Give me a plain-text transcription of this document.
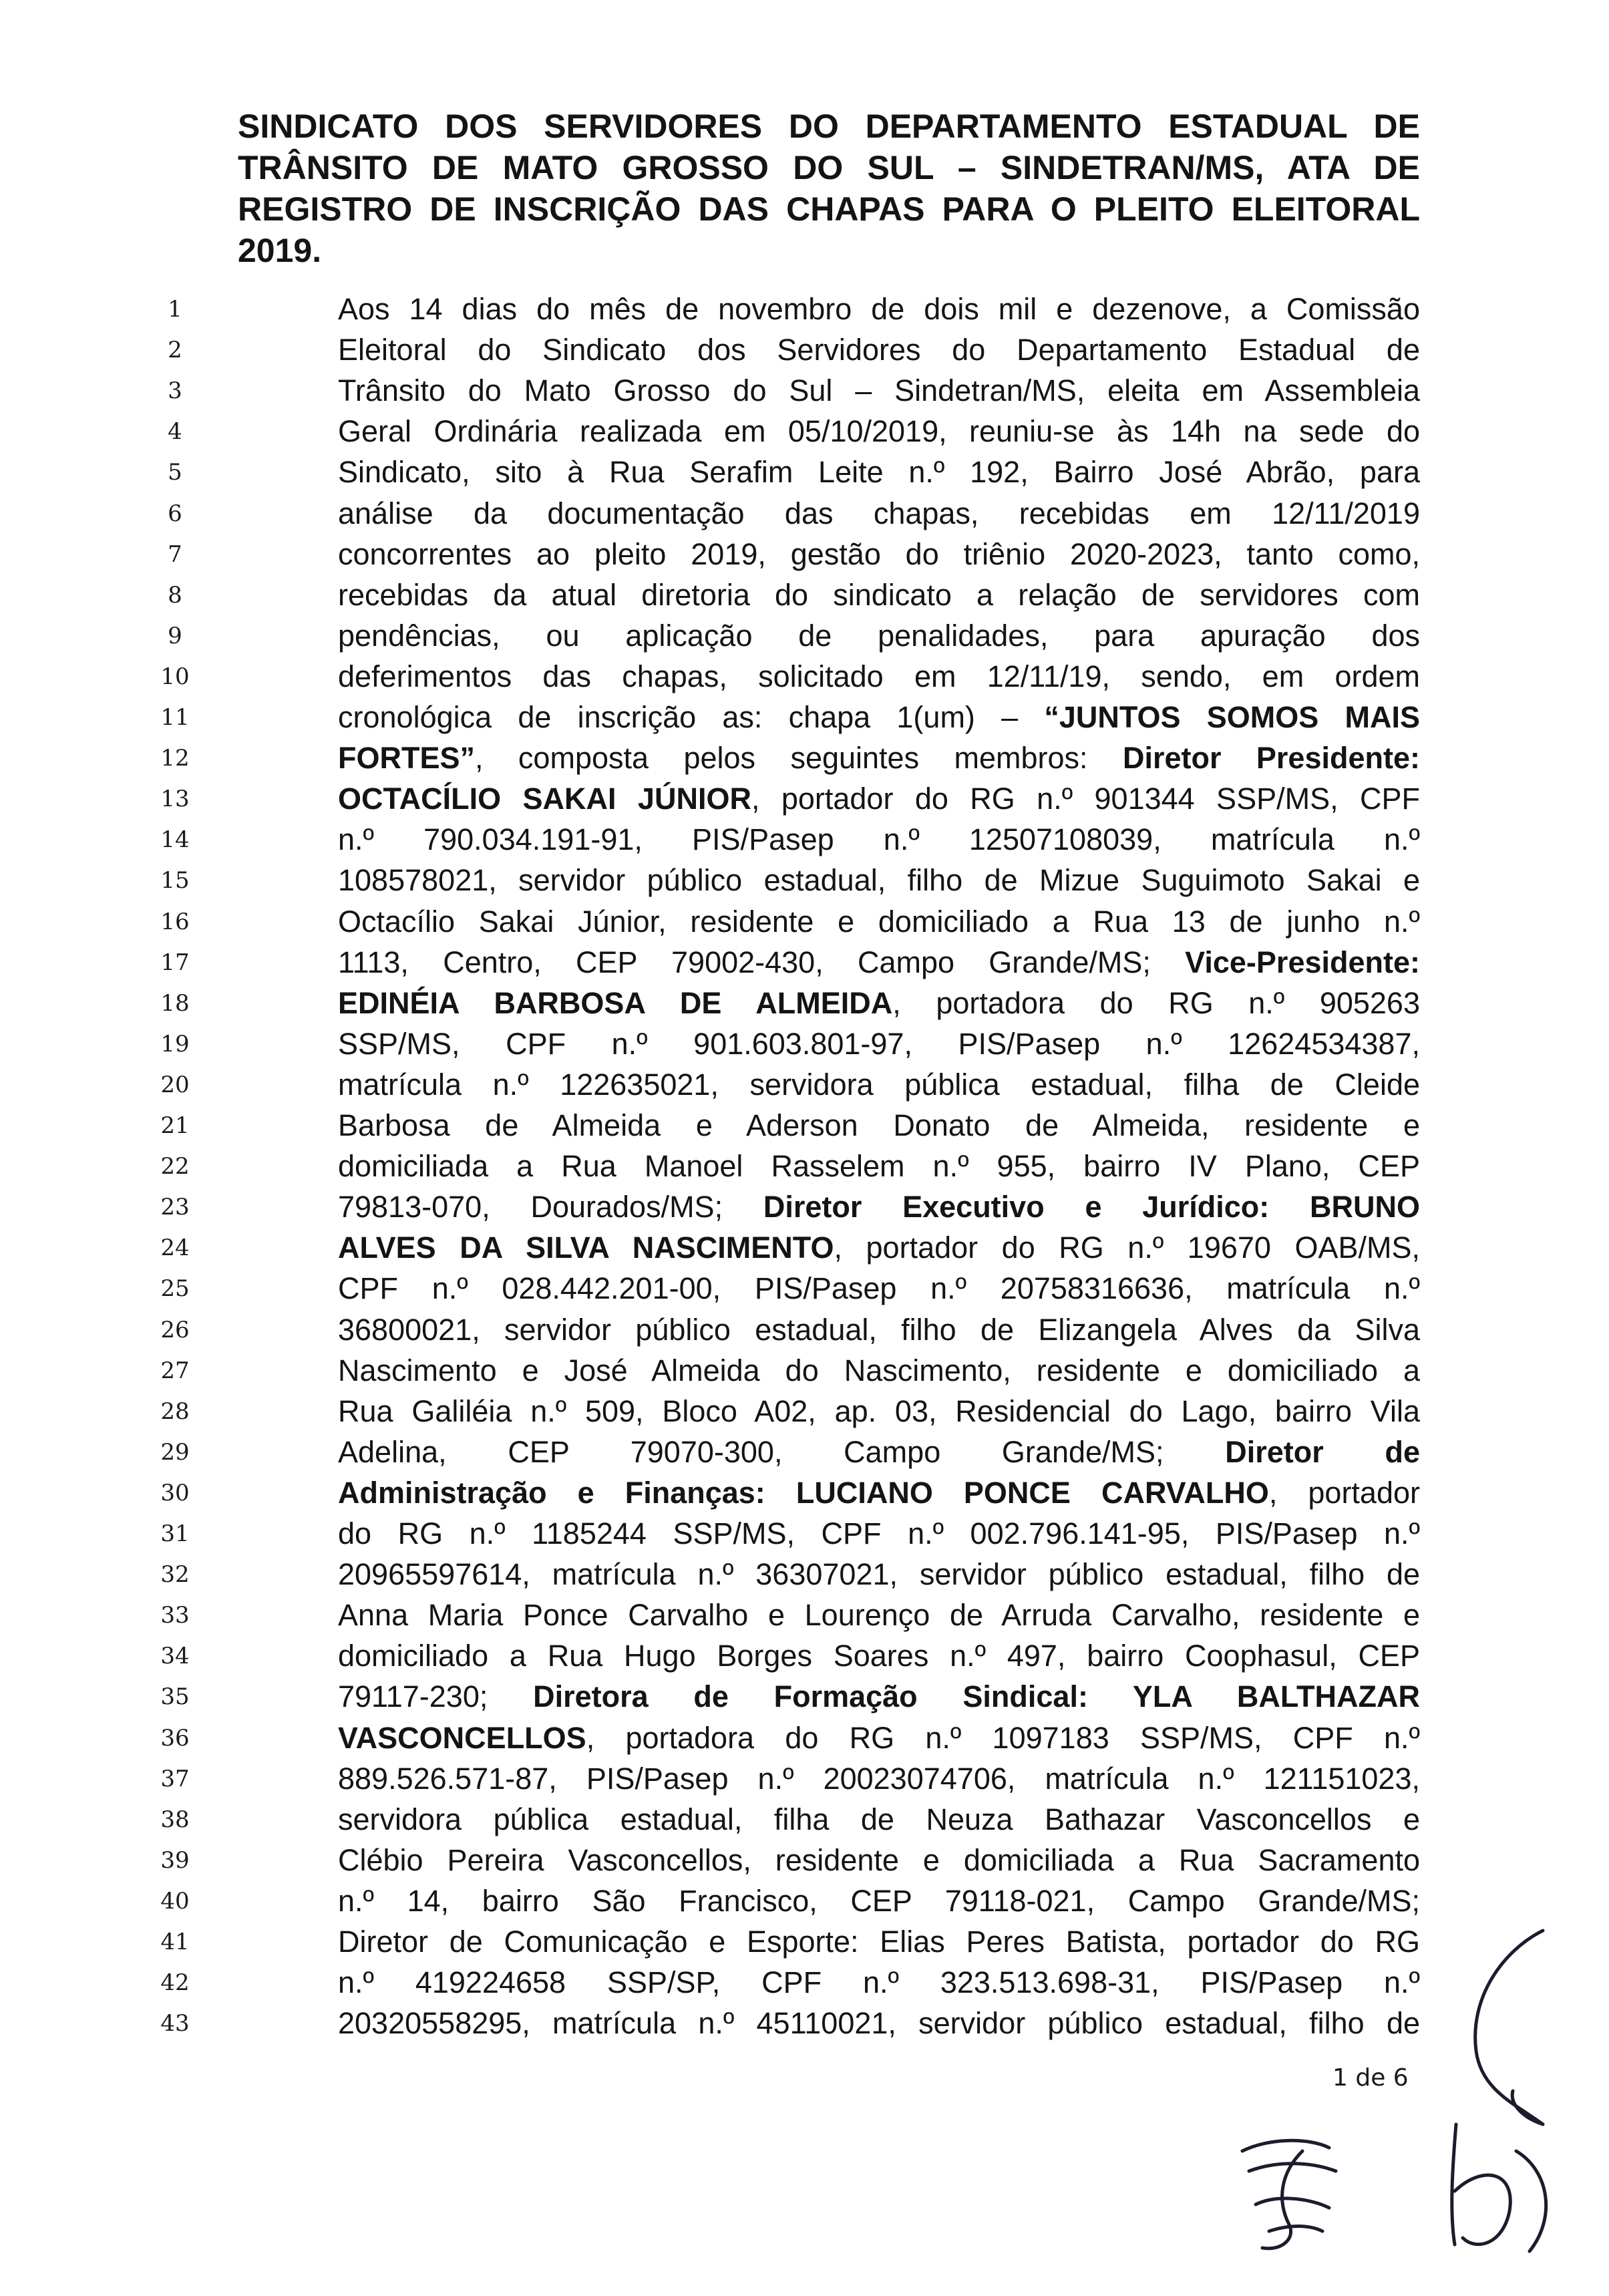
SINDICATO DOS SERVIDORES DO DEPARTAMENTO ESTADUAL DE
TRÂNSITO DE MATO GROSSO DO SUL – SINDETRAN/MS, ATA DE
REGISTRO DE INSCRIÇÃO DAS CHAPAS PARA O PLEITO ELEITORAL
2019.
1	Aos 14 dias do mês de novembro de dois mil e dezenove, a Comissão
2	Eleitoral do Sindicato dos Servidores do Departamento Estadual de
3	Trânsito do Mato Grosso do Sul – Sindetran/MS, eleita em Assembleia
4	Geral Ordinária realizada em 05/10/2019, reuniu-se às 14h na sede do
5	Sindicato, sito à Rua Serafim Leite n.º 192, Bairro José Abrão, para
6	análise da documentação das chapas, recebidas em 12/11/2019
7	concorrentes ao pleito 2019, gestão do triênio 2020-2023, tanto como,
8	recebidas da atual diretoria do sindicato a relação de servidores com
9	pendências, ou aplicação de penalidades, para apuração dos
10	deferimentos das chapas, solicitado em 12/11/19, sendo, em ordem
11	cronológica de inscrição as: chapa 1(um) – “JUNTOS SOMOS MAIS
12	FORTES”, composta pelos seguintes membros: Diretor Presidente:
13	OCTACÍLIO SAKAI JÚNIOR, portador do RG n.º 901344 SSP/MS, CPF
14	n.º 790.034.191-91, PIS/Pasep n.º 12507108039, matrícula n.º
15	108578021, servidor público estadual, filho de Mizue Suguimoto Sakai e
16	Octacílio Sakai Júnior, residente e domiciliado a Rua 13 de junho n.º
17	1113, Centro, CEP 79002-430, Campo Grande/MS; Vice-Presidente:
18	EDINÉIA BARBOSA DE ALMEIDA, portadora do RG n.º 905263
19	SSP/MS, CPF n.º 901.603.801-97, PIS/Pasep n.º 12624534387,
20	matrícula n.º 122635021, servidora pública estadual, filha de Cleide
21	Barbosa de Almeida e Aderson Donato de Almeida, residente e
22	domiciliada a Rua Manoel Rasselem n.º 955, bairro IV Plano, CEP
23	79813-070, Dourados/MS; Diretor Executivo e Jurídico: BRUNO
24	ALVES DA SILVA NASCIMENTO, portador do RG n.º 19670 OAB/MS,
25	CPF n.º 028.442.201-00, PIS/Pasep n.º 20758316636, matrícula n.º
26	36800021, servidor público estadual, filho de Elizangela Alves da Silva
27	Nascimento e José Almeida do Nascimento, residente e domiciliado a
28	Rua Galiléia n.º 509, Bloco A02, ap. 03, Residencial do Lago, bairro Vila
29	Adelina, CEP 79070-300, Campo Grande/MS; Diretor de
30	Administração e Finanças: LUCIANO PONCE CARVALHO, portador
31	do RG n.º 1185244 SSP/MS, CPF n.º 002.796.141-95, PIS/Pasep n.º
32	20965597614, matrícula n.º 36307021, servidor público estadual, filho de
33	Anna Maria Ponce Carvalho e Lourenço de Arruda Carvalho, residente e
34	domiciliado a Rua Hugo Borges Soares n.º 497, bairro Coophasul, CEP
35	79117-230; Diretora de Formação Sindical: YLA BALTHAZAR
36	VASCONCELLOS, portadora do RG n.º 1097183 SSP/MS, CPF n.º
37	889.526.571-87, PIS/Pasep n.º 20023074706, matrícula n.º 121151023,
38	servidora pública estadual, filha de Neuza Bathazar Vasconcellos e
39	Clébio Pereira Vasconcellos, residente e domiciliada a Rua Sacramento
40	n.º 14, bairro São Francisco, CEP 79118-021, Campo Grande/MS;
41	Diretor de Comunicação e Esporte: Elias Peres Batista, portador do RG
42	n.º 419224658 SSP/SP, CPF n.º 323.513.698-31, PIS/Pasep n.º
43	20320558295, matrícula n.º 45110021, servidor público estadual, filho de
1 de 6
